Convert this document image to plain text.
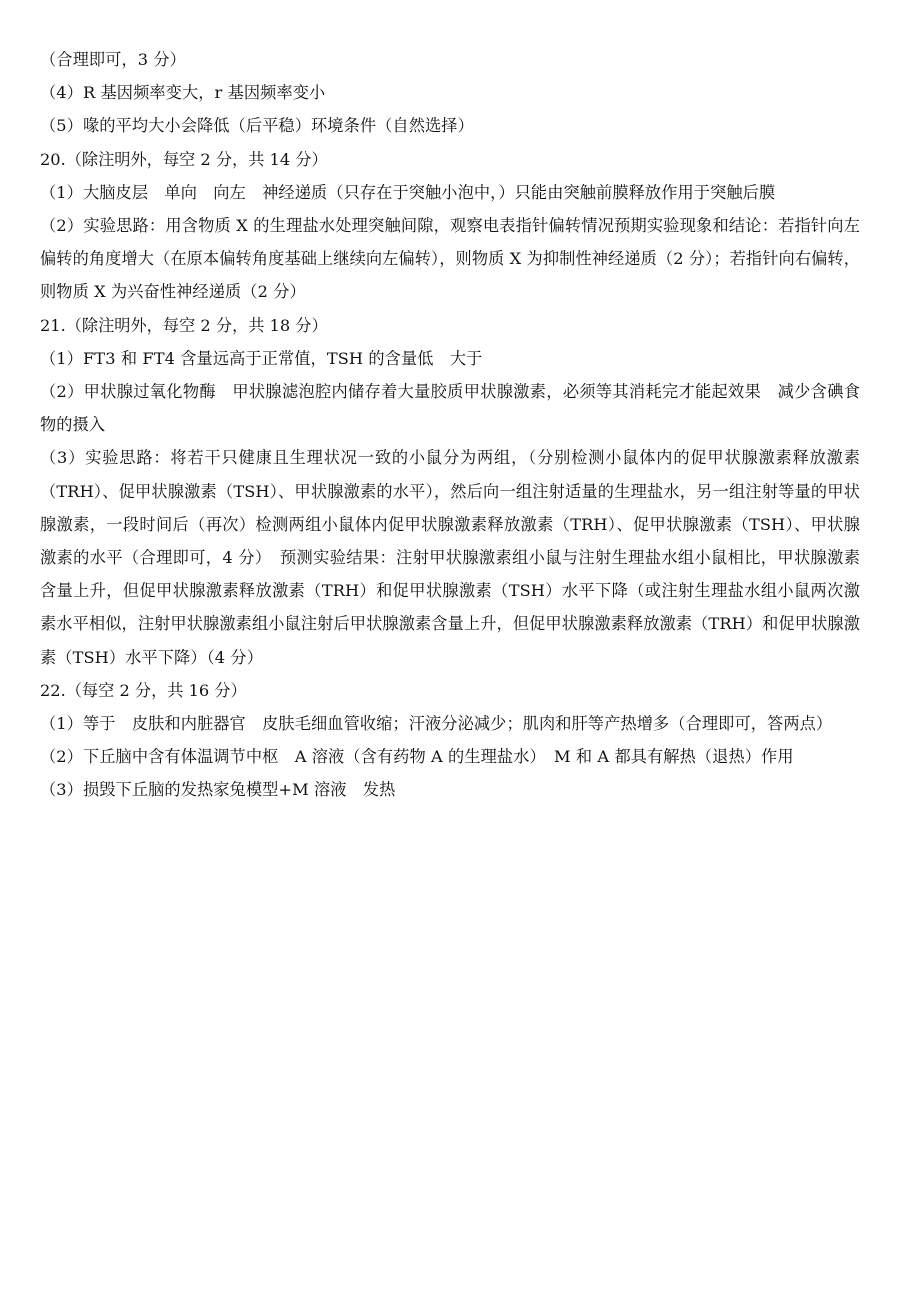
（合理即可，3 分）
（4）R 基因频率变大，r 基因频率变小
（5）喙的平均大小会降低（后平稳）环境条件（自然选择）
20.（除注明外，每空 2 分，共 14 分）
（1）大脑皮层　单向　向左　神经递质（只存在于突触小泡中，）只能由突触前膜释放作用于突触后膜
（2）实验思路：用含物质 X 的生理盐水处理突触间隙，观察电表指针偏转情况预期实验现象和结论：若指针向左偏转的角度增大（在原本偏转角度基础上继续向左偏转），则物质 X 为抑制性神经递质（2 分）；若指针向右偏转，则物质 X 为兴奋性神经递质（2 分）
21.（除注明外，每空 2 分，共 18 分）
（1）FT3 和 FT4 含量远高于正常值，TSH 的含量低　大于
（2）甲状腺过氧化物酶　甲状腺滤泡腔内储存着大量胶质甲状腺激素，必须等其消耗完才能起效果　减少含碘食物的摄入
（3）实验思路：将若干只健康且生理状况一致的小鼠分为两组，（分别检测小鼠体内的促甲状腺激素释放激素（TRH）、促甲状腺激素（TSH）、甲状腺激素的水平），然后向一组注射适量的生理盐水，另一组注射等量的甲状腺激素，一段时间后（再次）检测两组小鼠体内促甲状腺激素释放激素（TRH）、促甲状腺激素（TSH）、甲状腺激素的水平（合理即可，4 分）　预测实验结果：注射甲状腺激素组小鼠与注射生理盐水组小鼠相比，甲状腺激素含量上升，但促甲状腺激素释放激素（TRH）和促甲状腺激素（TSH）水平下降（或注射生理盐水组小鼠两次激素水平相似，注射甲状腺激素组小鼠注射后甲状腺激素含量上升，但促甲状腺激素释放激素（TRH）和促甲状腺激素（TSH）水平下降）（4 分）
22.（每空 2 分，共 16 分）
（1）等于　皮肤和内脏器官　皮肤毛细血管收缩；汗液分泌减少；肌肉和肝等产热增多（合理即可，答两点）
（2）下丘脑中含有体温调节中枢　A 溶液（含有药物 A 的生理盐水）　M 和 A 都具有解热（退热）作用
（3）损毁下丘脑的发热家兔模型+M 溶液　发热
